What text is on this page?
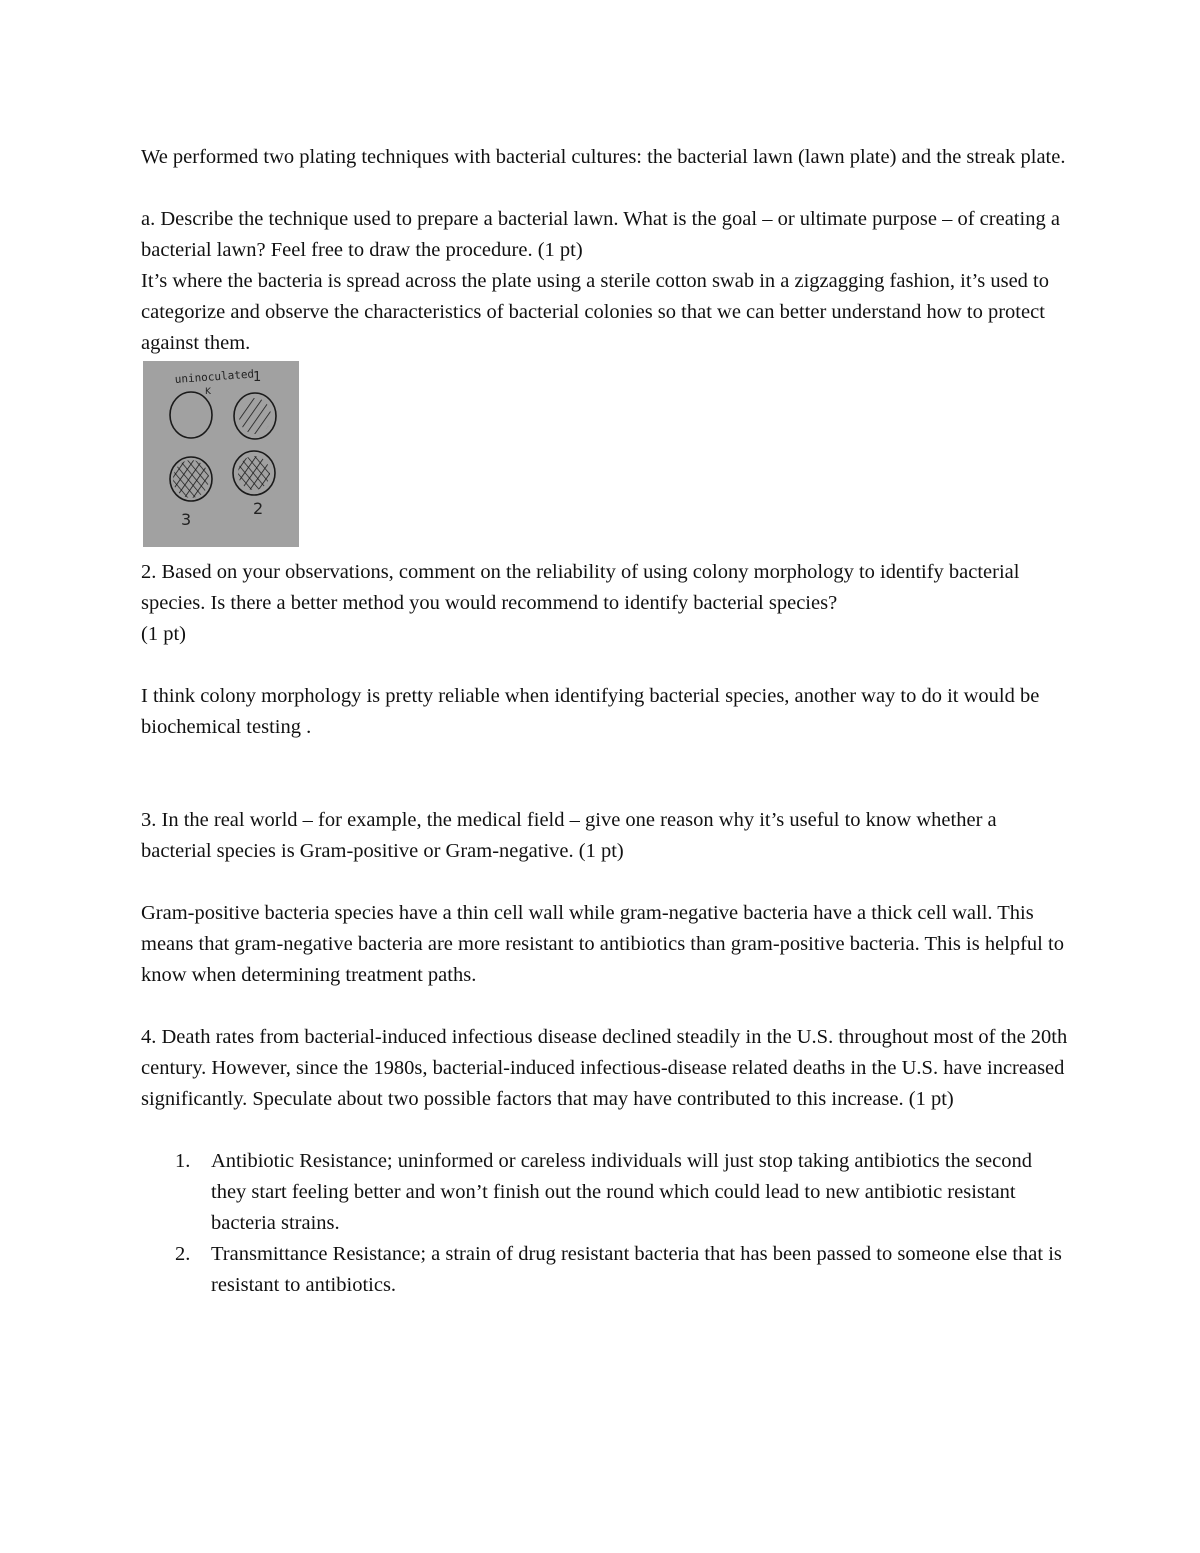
We performed two plating techniques with bacterial cultures: the bacterial lawn (lawn plate) and the streak plate.

a. Describe the technique used to prepare a bacterial lawn. What is the goal – or ultimate purpose – of creating a bacterial lawn? Feel free to draw the procedure. (1 pt)

It’s where the bacteria is spread across the plate using a sterile cotton swab in a zigzagging fashion, it’s used to categorize and observe the characteristics of bacterial colonies so that we can better understand how to protect against them.

uninoculated
K
1
2
3

2. Based on your observations, comment on the reliability of using colony morphology to identify bacterial species. Is there a better method you would recommend to identify bacterial species?

(1 pt)

I think colony morphology is pretty reliable when identifying bacterial species, another way to do it would be biochemical testing .

3. In the real world – for example, the medical field – give one reason why it’s useful to know whether a bacterial species is Gram-positive or Gram-negative. (1 pt)

Gram-positive bacteria species have a thin cell wall while gram-negative bacteria have a thick cell wall. This means that gram-negative bacteria are more resistant to antibiotics than gram-positive bacteria. This is helpful to know when determining treatment paths.

4. Death rates from bacterial-induced infectious disease declined steadily in the U.S. throughout most of the 20th century. However, since the 1980s, bacterial-induced infectious-disease related deaths in the U.S. have increased significantly. Speculate about two possible factors that may have contributed to this increase. (1 pt)

1. Antibiotic Resistance; uninformed or careless individuals will just stop taking antibiotics the second they start feeling better and won’t finish out the round which could lead to new antibiotic resistant bacteria strains.
2. Transmittance Resistance; a strain of drug resistant bacteria that has been passed to someone else that is resistant to antibiotics.
